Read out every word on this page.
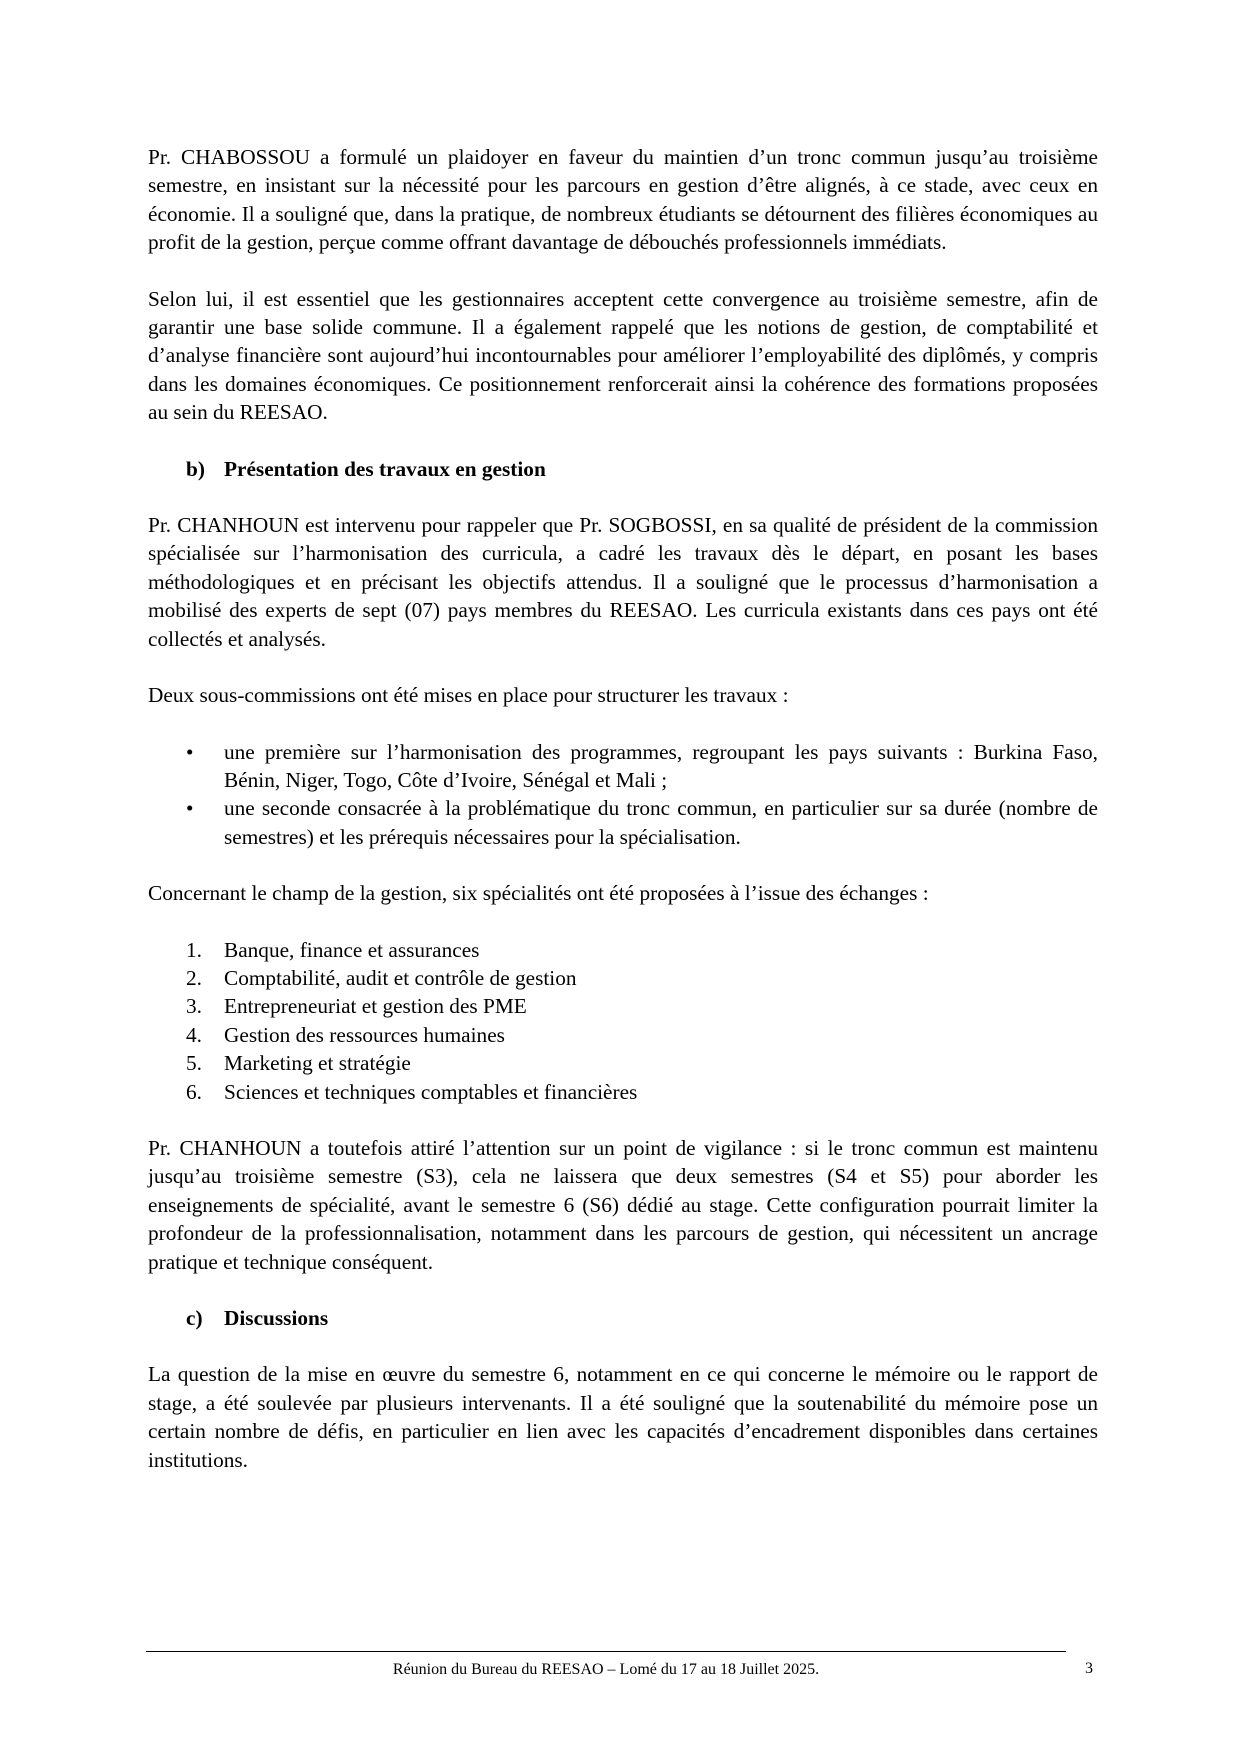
Pr. CHABOSSOU a formulé un plaidoyer en faveur du maintien d’un tronc commun jusqu’au troisième semestre, en insistant sur la nécessité pour les parcours en gestion d’être alignés, à ce stade, avec ceux en économie. Il a souligné que, dans la pratique, de nombreux étudiants se détournent des filières économiques au profit de la gestion, perçue comme offrant davantage de débouchés professionnels immédiats.

Selon lui, il est essentiel que les gestionnaires acceptent cette convergence au troisième semestre, afin de garantir une base solide commune. Il a également rappelé que les notions de gestion, de comptabilité et d’analyse financière sont aujourd’hui incontournables pour améliorer l’employabilité des diplômés, y compris dans les domaines économiques. Ce positionnement renforcerait ainsi la cohérence des formations proposées au sein du REESAO.

b) Présentation des travaux en gestion

Pr. CHANHOUN est intervenu pour rappeler que Pr. SOGBOSSI, en sa qualité de président de la commission spécialisée sur l’harmonisation des curricula, a cadré les travaux dès le départ, en posant les bases méthodologiques et en précisant les objectifs attendus. Il a souligné que le processus d’harmonisation a mobilisé des experts de sept (07) pays membres du REESAO. Les curricula existants dans ces pays ont été collectés et analysés.

Deux sous-commissions ont été mises en place pour structurer les travaux :

•	une première sur l’harmonisation des programmes, regroupant les pays suivants : Burkina Faso, Bénin, Niger, Togo, Côte d’Ivoire, Sénégal et Mali ;
•	une seconde consacrée à la problématique du tronc commun, en particulier sur sa durée (nombre de semestres) et les prérequis nécessaires pour la spécialisation.

Concernant le champ de la gestion, six spécialités ont été proposées à l’issue des échanges :

1.	Banque, finance et assurances
2.	Comptabilité, audit et contrôle de gestion
3.	Entrepreneuriat et gestion des PME
4.	Gestion des ressources humaines
5.	Marketing et stratégie
6.	Sciences et techniques comptables et financières

Pr. CHANHOUN a toutefois attiré l’attention sur un point de vigilance : si le tronc commun est maintenu jusqu’au troisième semestre (S3), cela ne laissera que deux semestres (S4 et S5) pour aborder les enseignements de spécialité, avant le semestre 6 (S6) dédié au stage. Cette configuration pourrait limiter la profondeur de la professionnalisation, notamment dans les parcours de gestion, qui nécessitent un ancrage pratique et technique conséquent.

c)	Discussions

La question de la mise en œuvre du semestre 6, notamment en ce qui concerne le mémoire ou le rapport de stage, a été soulevée par plusieurs intervenants. Il a été souligné que la soutenabilité du mémoire pose un certain nombre de défis, en particulier en lien avec les capacités d’encadrement disponibles dans certaines institutions.

Réunion du Bureau du REESAO – Lomé du 17 au 18 Juillet 2025.	3
